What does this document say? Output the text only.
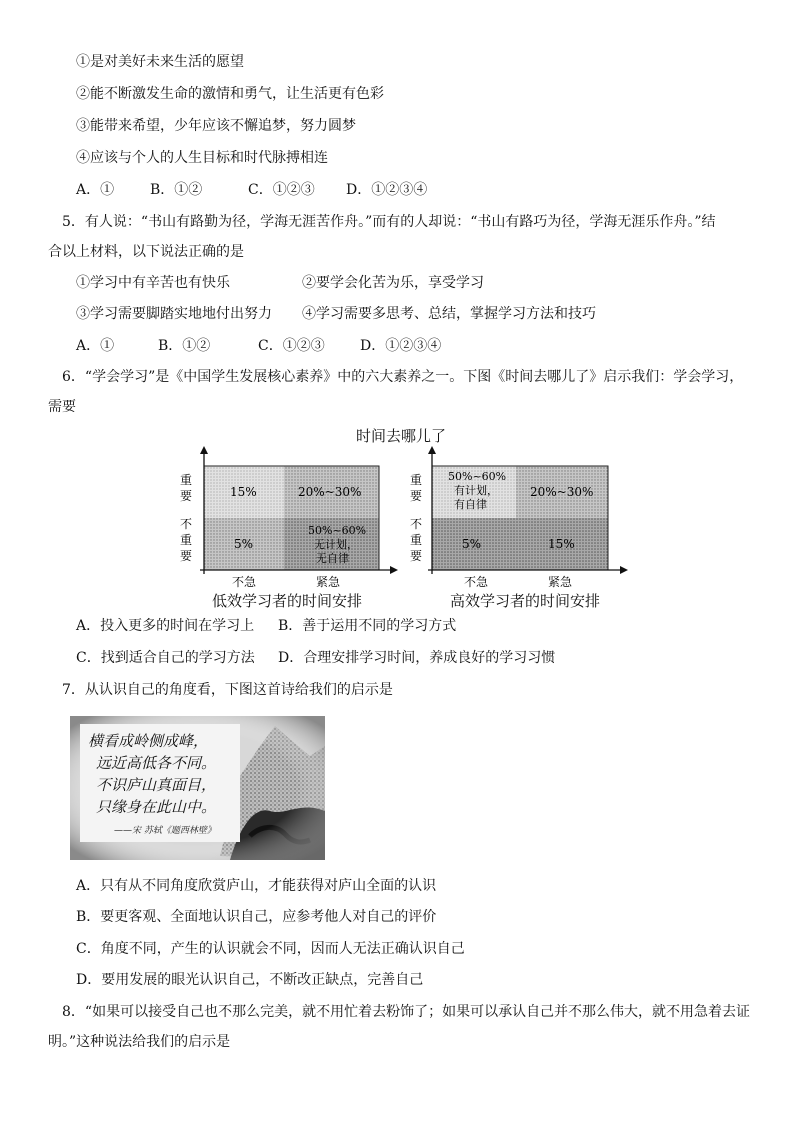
①是对美好未来生活的愿望
②能不断激发生命的激情和勇气，让生活更有色彩
③能带来希望，少年应该不懈追梦，努力圆梦
④应该与个人的人生目标和时代脉搏相连
A．①	B．①②	C．①②③ D．①②③④
5．有人说：“书山有路勤为径，学海无涯苦作舟。”而有的人却说：“书山有路巧为径，学海无涯乐作舟。”结
合以上材料，以下说法正确的是
①学习中有辛苦也有快乐	②要学会化苦为乐，享受学习
③学习需要脚踏实地地付出努力 ④学习需要多思考、总结，掌握学习方法和技巧
A．①	B．①②	C．①②③	D．①②③④
6．“学会学习”是《中国学生发展核心素养》中的六大素养之一。下图《时间去哪儿了》启示我们：学会学习，
需要
时间去哪儿了
15%	20%~30%
5%
50%~60%
无计划，
无自律
重
要
不
重
要
不急	紧急
低效学习者的时间安排
50%~60%
有计划，
有自律
20%~30%
5%	15%
重
要
不
重
要
不急	紧急
高效学习者的时间安排
A．投入更多的时间在学习上 B．善于运用不同的学习方式
C．找到适合自己的学习方法 D．合理安排学习时间，养成良好的学习习惯
7．从认识自己的角度看，下图这首诗给我们的启示是
横看成岭侧成峰，
远近高低各不同。
不识庐山真面目，
只缘身在此山中。
——宋 苏轼《题西林壁》
A．只有从不同角度欣赏庐山，才能获得对庐山全面的认识
B．要更客观、全面地认识自己，应参考他人对自己的评价
C．角度不同，产生的认识就会不同，因而人无法正确认识自己
D．要用发展的眼光认识自己，不断改正缺点，完善自己
8．“如果可以接受自己也不那么完美，就不用忙着去粉饰了；如果可以承认自己并不那么伟大，就不用急着去证
明。”这种说法给我们的启示是
